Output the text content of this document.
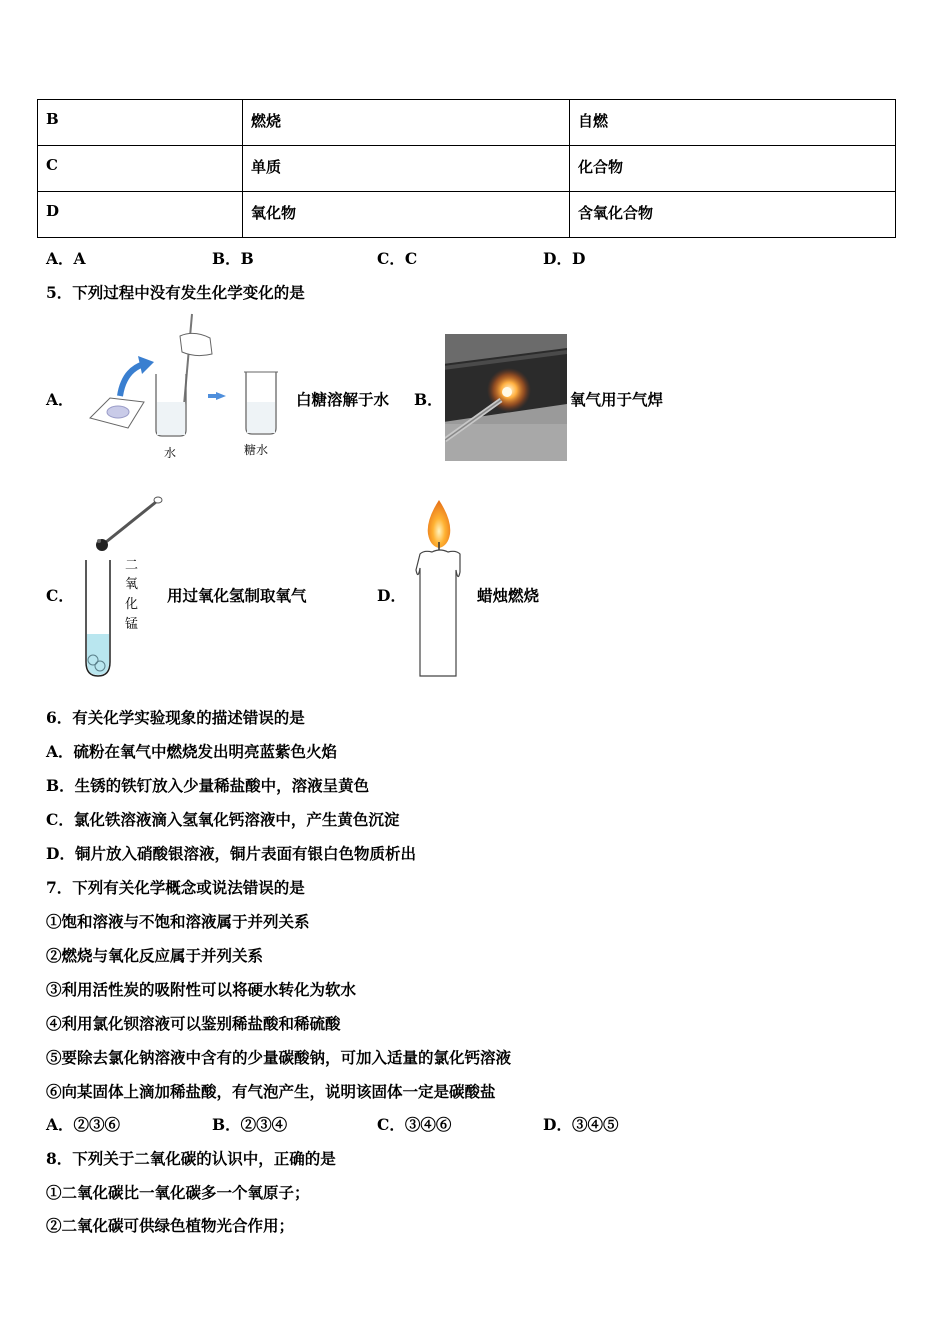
B	燃烧	自燃
C	单质	化合物
D	氧化物	含氧化合物
A．A	B．B	C．C	D．D
5．下列过程中没有发生化学变化的是
A．
水	糖水
白糖溶解于水 B．	氧气用于气焊
C．
二
氧
化
锰
用过氧化氢制取氧气	D．	蜡烛燃烧
6．有关化学实验现象的描述错误的是
A．硫粉在氧气中燃烧发出明亮蓝紫色火焰
B．生锈的铁钉放入少量稀盐酸中，溶液呈黄色
C．氯化铁溶液滴入氢氧化钙溶液中，产生黄色沉淀
D．铜片放入硝酸银溶液，铜片表面有银白色物质析出
7．下列有关化学概念或说法错误的是
①饱和溶液与不饱和溶液属于并列关系
②燃烧与氧化反应属于并列关系
③利用活性炭的吸附性可以将硬水转化为软水
④利用氯化钡溶液可以鉴别稀盐酸和稀硫酸
⑤要除去氯化钠溶液中含有的少量碳酸钠，可加入适量的氯化钙溶液
⑥向某固体上滴加稀盐酸，有气泡产生，说明该固体一定是碳酸盐
A．②③⑥	B．②③④	C．③④⑥	D．③④⑤
8．下列关于二氧化碳的认识中，正确的是
①二氧化碳比一氧化碳多一个氧原子；
②二氧化碳可供绿色植物光合作用；
